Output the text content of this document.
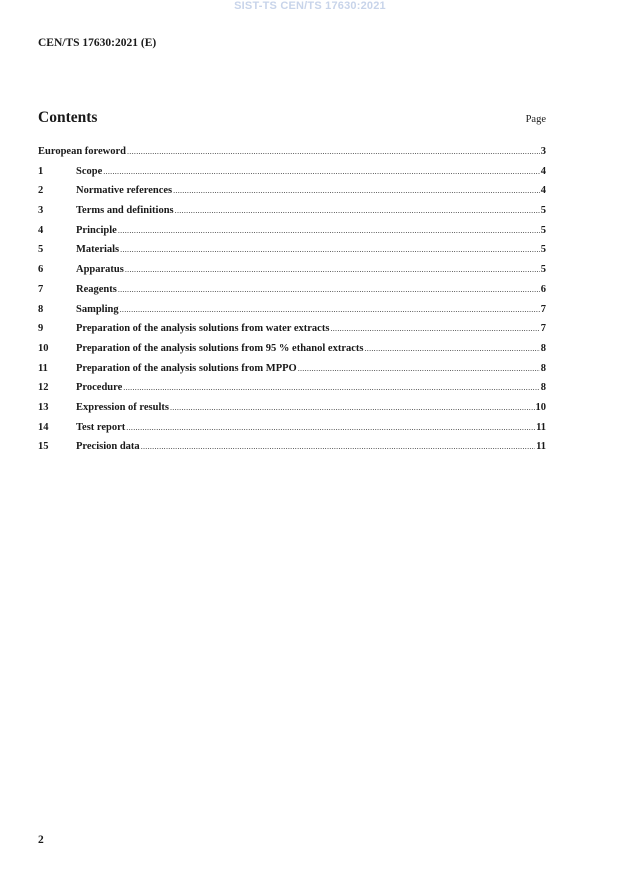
SIST-TS CEN/TS 17630:2021
CEN/TS 17630:2021 (E)
Contents	Page
European foreword .....	3
1	Scope .....	4
2	Normative references .....	4
3	Terms and definitions .....	5
4	Principle .....	5
5	Materials .....	5
6	Apparatus .....	5
7	Reagents .....	6
8	Sampling .....	7
9	Preparation of the analysis solutions from water extracts .....	7
10	Preparation of the analysis solutions from 95 % ethanol extracts .....	8
11	Preparation of the analysis solutions from MPPO .....	8
12	Procedure .....	8
13	Expression of results .....	10
14	Test report .....	11
15	Precision data .....	11
2
